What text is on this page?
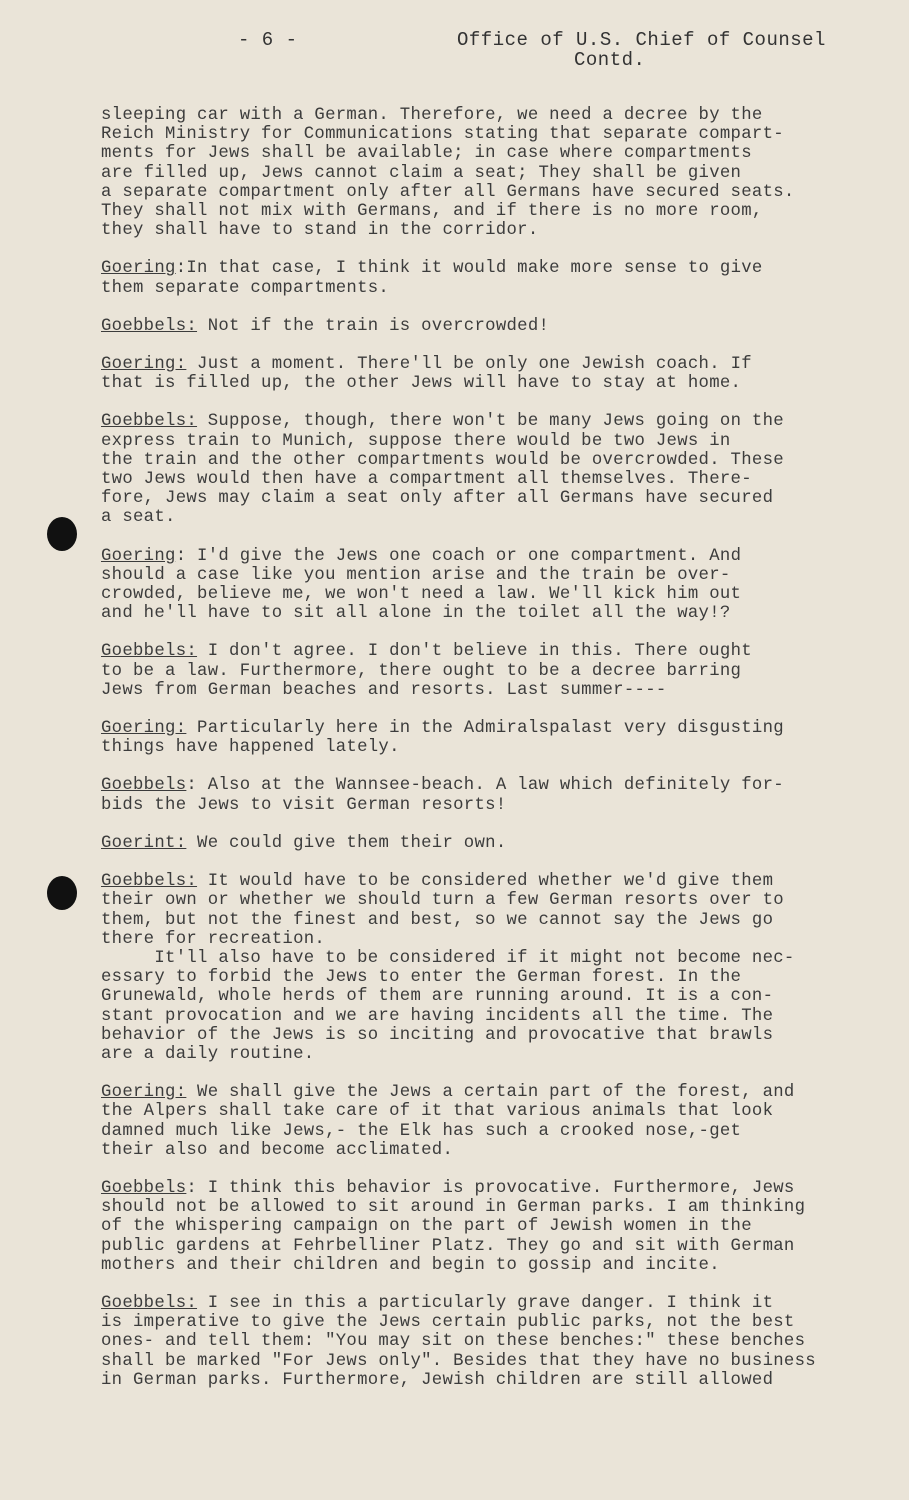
- 6 -	Office of U.S. Chief of Counsel
Contd.
sleeping car with a German. Therefore, we need a decree by the
Reich Ministry for Communications stating that separate compart-
ments for Jews shall be available; in case where compartments
are filled up, Jews cannot claim a seat; They shall be given
a separate compartment only after all Germans have secured seats.
They shall not mix with Germans, and if there is no more room,
they shall have to stand in the corridor.
Goering:In that case, I think it would make more sense to give
them separate compartments.
Goebbels: Not if the train is overcrowded!
Goering: Just a moment. There'll be only one Jewish coach. If
that is filled up, the other Jews will have to stay at home.
Goebbels: Suppose, though, there won't be many Jews going on the
express train to Munich, suppose there would be two Jews in
the train and the other compartments would be overcrowded. These
two Jews would then have a compartment all themselves. There-
fore, Jews may claim a seat only after all Germans have secured
a seat.
Goering: I'd give the Jews one coach or one compartment. And
should a case like you mention arise and the train be over-
crowded, believe me, we won't need a law. We'll kick him out
and he'll have to sit all alone in the toilet all the way!?
Goebbels: I don't agree. I don't believe in this. There ought
to be a law. Furthermore, there ought to be a decree barring
Jews from German beaches and resorts. Last summer----
Goering: Particularly here in the Admiralspalast very disgusting
things have happened lately.
Goebbels: Also at the Wannsee-beach. A law which definitely for-
bids the Jews to visit German resorts!
Goerint: We could give them their own.
Goebbels: It would have to be considered whether we'd give them
their own or whether we should turn a few German resorts over to
them, but not the finest and best, so we cannot say the Jews go
there for recreation.
It'll also have to be considered if it might not become nec-
essary to forbid the Jews to enter the German forest. In the
Grunewald, whole herds of them are running around. It is a con-
stant provocation and we are having incidents all the time. The
behavior of the Jews is so inciting and provocative that brawls
are a daily routine.
Goering: We shall give the Jews a certain part of the forest, and
the Alpers shall take care of it that various animals that look
damned much like Jews,- the Elk has such a crooked nose,-get
their also and become acclimated.
Goebbels: I think this behavior is provocative. Furthermore, Jews
should not be allowed to sit around in German parks. I am thinking
of the whispering campaign on the part of Jewish women in the
public gardens at Fehrbelliner Platz. They go and sit with German
mothers and their children and begin to gossip and incite.
Goebbels: I see in this a particularly grave danger. I think it
is imperative to give the Jews certain public parks, not the best
ones- and tell them: "You may sit on these benches:" these benches
shall be marked "For Jews only". Besides that they have no business
in German parks. Furthermore, Jewish children are still allowed
